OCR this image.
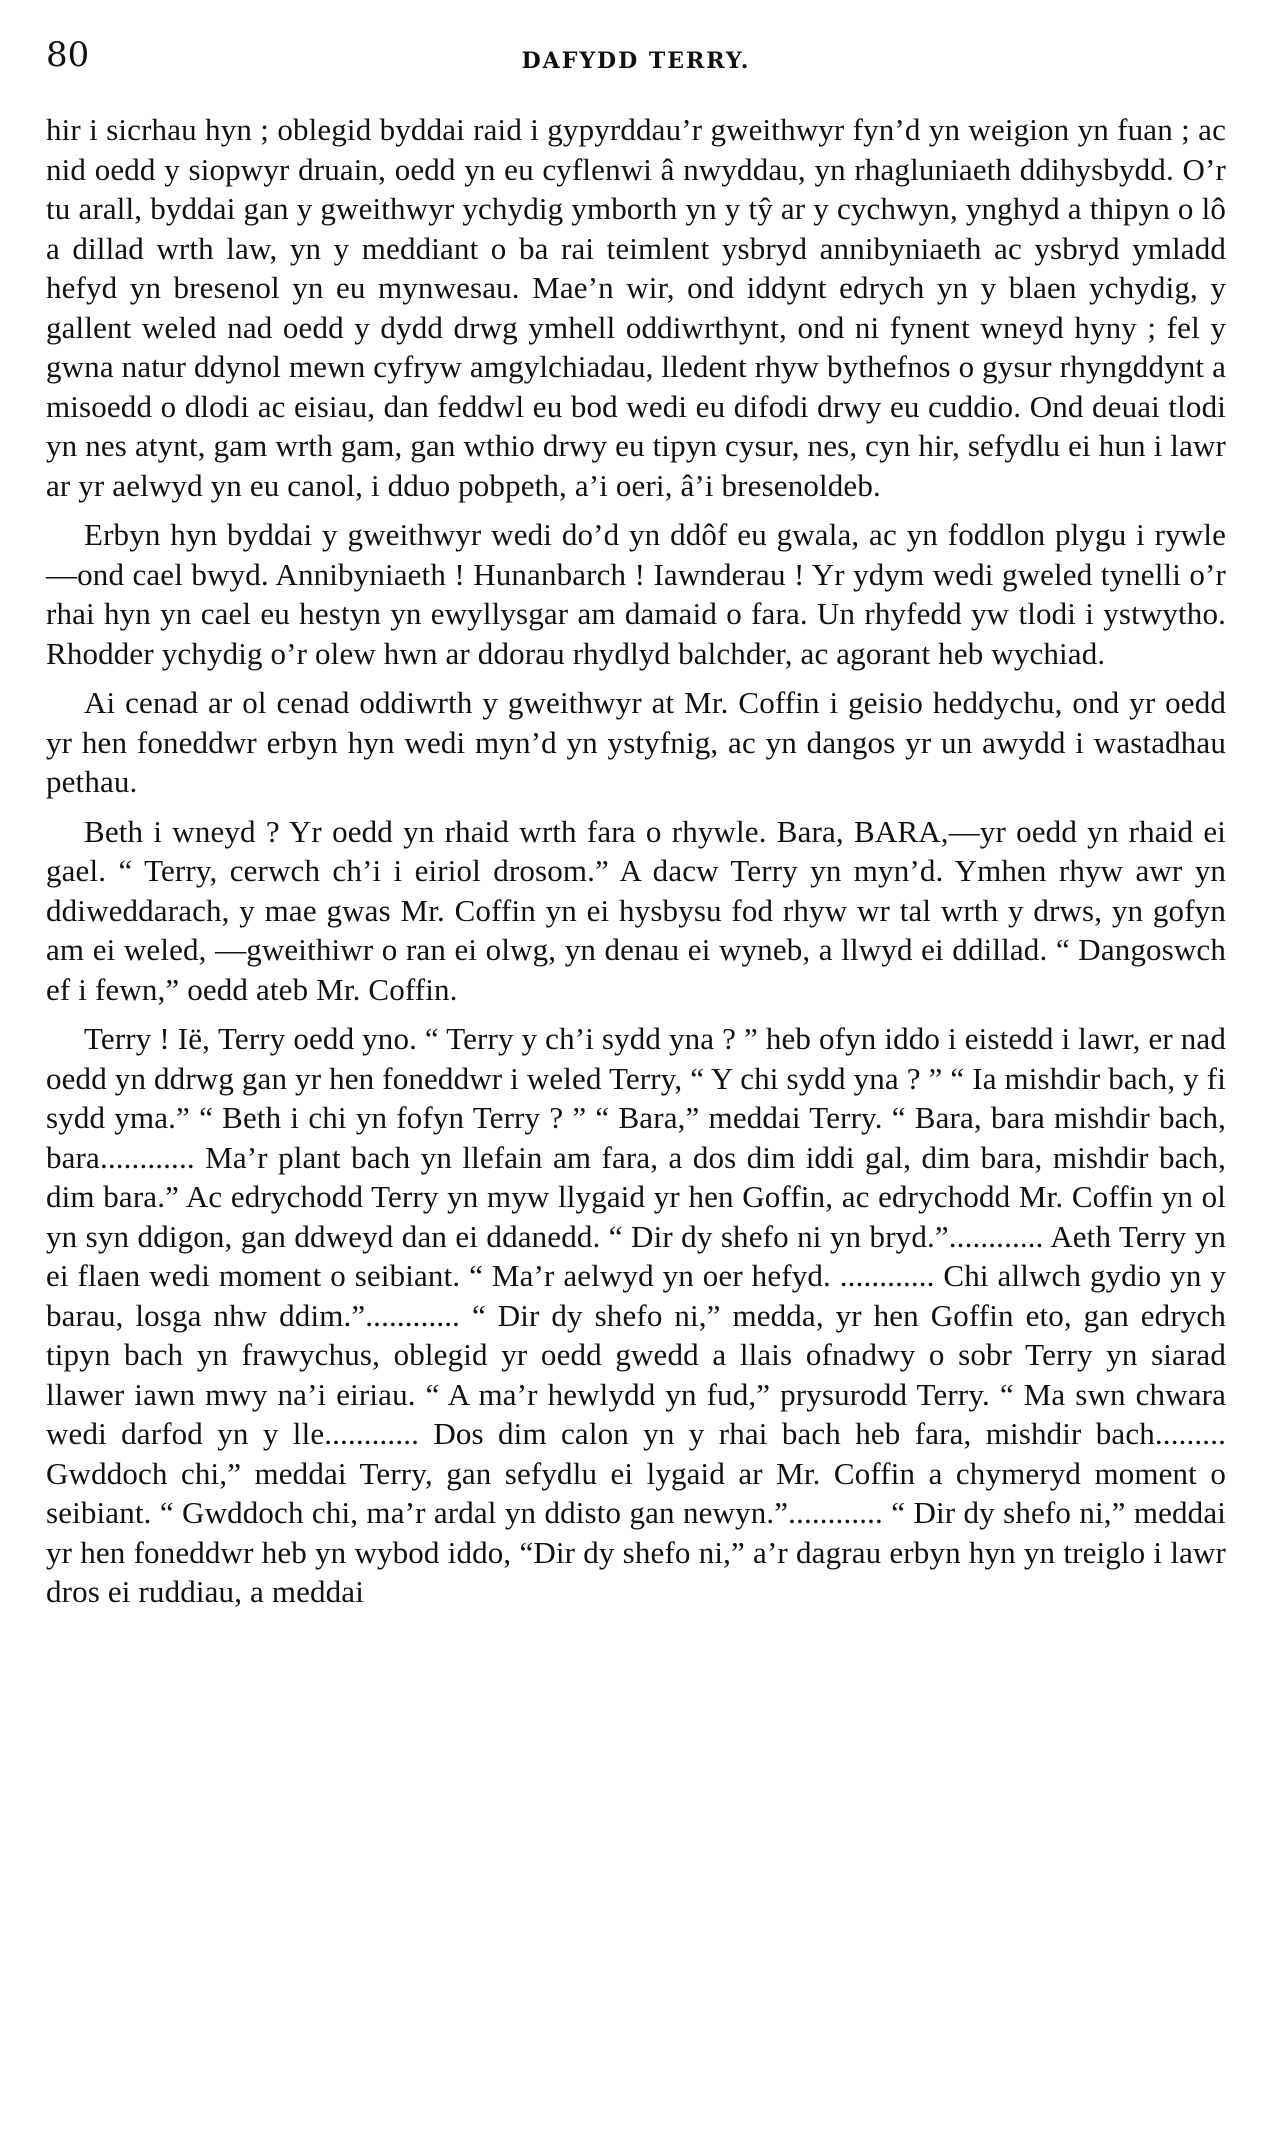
80	DAFYDD TERRY.

hir i sicrhau hyn ; oblegid byddai raid i gypyrddau’r gweithwyr fyn’d yn weigion yn fuan ; ac nid oedd y siopwyr druain, oedd yn eu cyflenwi â nwyddau, yn rhagluniaeth ddihysbydd. O’r tu arall, byddai gan y gweithwyr ychydig ymborth yn y tŷ ar y cychwyn, ynghyd a thipyn o lô a dillad wrth law, yn y meddiant o ba rai teimlent ysbryd annibyniaeth ac ysbryd ymladd hefyd yn bresenol yn eu mynwesau. Mae’n wir, ond iddynt edrych yn y blaen ychydig, y gallent weled nad oedd y dydd drwg ymhell oddiwrthynt, ond ni fynent wneyd hyny ; fel y gwna natur ddynol mewn cyfryw amgylchiadau, lledent rhyw bythefnos o gysur rhyngddynt a misoedd o dlodi ac eisiau, dan feddwl eu bod wedi eu difodi drwy eu cuddio. Ond deuai tlodi yn nes atynt, gam wrth gam, gan wthio drwy eu tipyn cysur, nes, cyn hir, sefydlu ei hun i lawr ar yr aelwyd yn eu canol, i dduo pobpeth, a’i oeri, â’i bresenoldeb.

Erbyn hyn byddai y gweithwyr wedi do’d yn ddôf eu gwala, ac yn foddlon plygu i rywle—ond cael bwyd. Annibyniaeth ! Hunanbarch ! Iawnderau ! Yr ydym wedi gweled tynelli o’r rhai hyn yn cael eu hestyn yn ewyllysgar am damaid o fara. Un rhyfedd yw tlodi i ystwytho. Rhodder ychydig o’r olew hwn ar ddorau rhydlyd balchder, ac agorant heb wychiad.

Ai cenad ar ol cenad oddiwrth y gweithwyr at Mr. Coffin i geisio heddychu, ond yr oedd yr hen foneddwr erbyn hyn wedi myn’d yn ystyfnig, ac yn dangos yr un awydd i wastadhau pethau.

Beth i wneyd ? Yr oedd yn rhaid wrth fara o rhywle. Bara, BARA,—yr oedd yn rhaid ei gael. “ Terry, cerwch ch’i i eiriol drosom.” A dacw Terry yn myn’d. Ymhen rhyw awr yn ddiweddarach, y mae gwas Mr. Coffin yn ei hysbysu fod rhyw wr tal wrth y drws, yn gofyn am ei weled, —gweithiwr o ran ei olwg, yn denau ei wyneb, a llwyd ei ddillad. “ Dangoswch ef i fewn,” oedd ateb Mr. Coffin.

Terry ! Iё, Terry oedd yno. “ Terry y ch’i sydd yna ? ” heb ofyn iddo i eistedd i lawr, er nad oedd yn ddrwg gan yr hen foneddwr i weled Terry, “ Y chi sydd yna ? ” “ Ia mishdir bach, y fi sydd yma.” “ Beth i chi yn fofyn Terry ? ” “ Bara,” meddai Terry. “ Bara, bara mishdir bach, bara............ Ma’r plant bach yn llefain am fara, a dos dim iddi gal, dim bara, mishdir bach, dim bara.” Ac edrychodd Terry yn myw llygaid yr hen Goffin, ac edrychodd Mr. Coffin yn ol yn syn ddigon, gan ddweyd dan ei ddanedd. “ Dir dy shefo ni yn bryd.”............ Aeth Terry yn ei flaen wedi moment o seibiant. “ Ma’r aelwyd yn oer hefyd. ............ Chi allwch gydio yn y barau, losga nhw ddim.”............ “ Dir dy shefo ni,” medda, yr hen Goffin eto, gan edrych tipyn bach yn frawychus, oblegid yr oedd gwedd a llais ofnadwy o sobr Terry yn siarad llawer iawn mwy na’i eiriau. “ A ma’r hewlydd yn fud,” prysurodd Terry. “ Ma swn chwara wedi darfod yn y lle............ Dos dim calon yn y rhai bach heb fara, mishdir bach......... Gwddoch chi,” meddai Terry, gan sefydlu ei lygaid ar Mr. Coffin a chymeryd moment o seibiant. “ Gwddoch chi, ma’r ardal yn ddisto gan newyn.”............ “ Dir dy shefo ni,” meddai yr hen foneddwr heb yn wybod iddo, “Dir dy shefo ni,” a’r dagrau erbyn hyn yn treiglo i lawr dros ei ruddiau, a meddai
